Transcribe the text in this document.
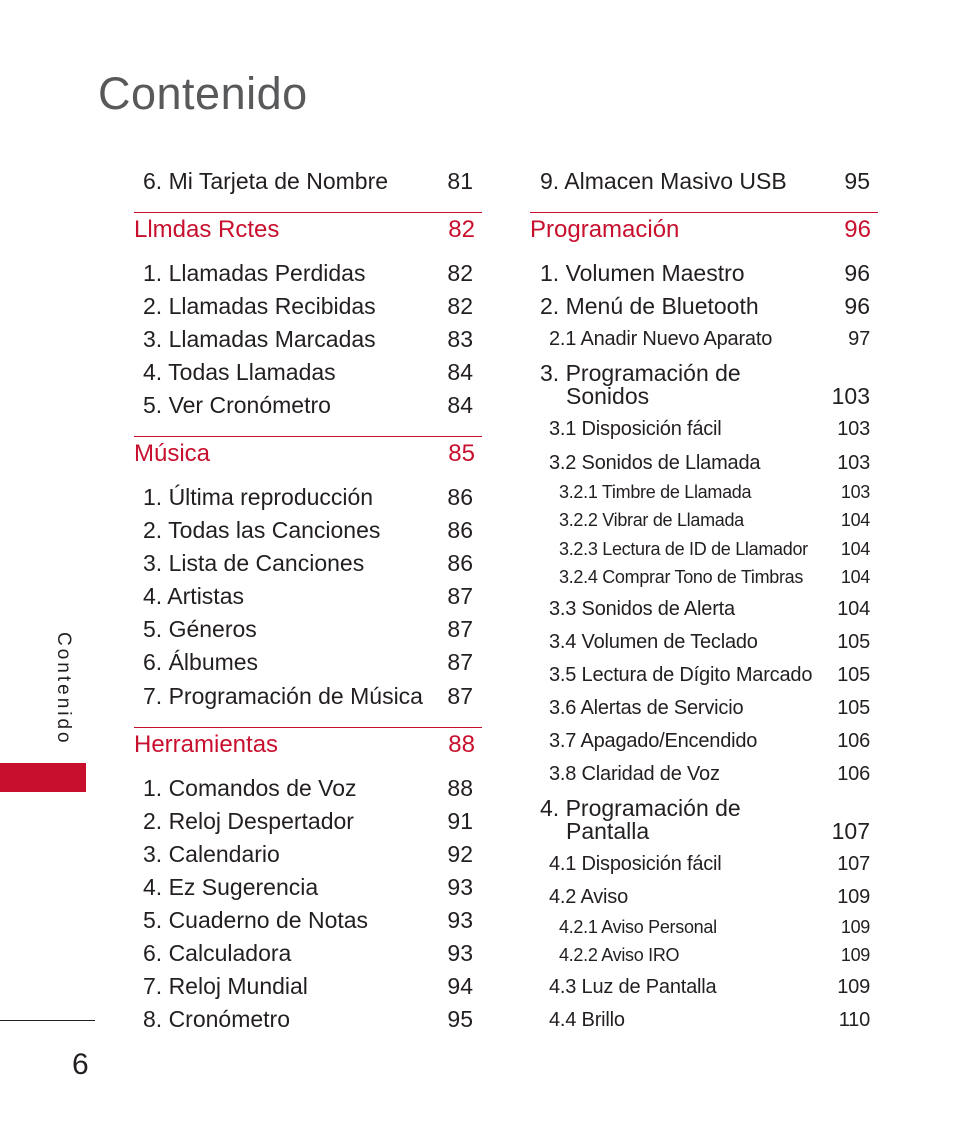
Contenido
6. Mi Tarjeta de Nombre	81
Llmdas Rctes	82
1. Llamadas Perdidas	82
2. Llamadas Recibidas	82
3. Llamadas Marcadas	83
4. Todas Llamadas	84
5. Ver Cronómetro	84
Música	85
1. Última reproducción	86
2. Todas las Canciones	86
3. Lista de Canciones	86
4. Artistas	87
5. Géneros	87
6. Álbumes	87
7. Programación de Música 87
Herramientas	88
1. Comandos de Voz	88
2. Reloj Despertador	91
3. Calendario	92
4. Ez Sugerencia	93
5. Cuaderno de Notas	93
6. Calculadora	93
7. Reloj Mundial	94
8. Cronómetro	95
9. Almacen Masivo USB	95
Programación	96
1. Volumen Maestro	96
2. Menú de Bluetooth	96
2.1 Anadir Nuevo Aparato	97
3. Programación de
Sonidos	103
3.1 Disposición fácil	103
3.2 Sonidos de Llamada	103
3.2.1 Timbre de Llamada	103
3.2.2 Vibrar de Llamada	104
3.2.3 Lectura de ID de Llamador 104
3.2.4 Comprar Tono de Timbras 104
3.3 Sonidos de Alerta	104
3.4 Volumen de Teclado	105
3.5 Lectura de Dígito Marcado 105
3.6 Alertas de Servicio	105
3.7 Apagado/Encendido	106
3.8 Claridad de Voz	106
4. Programación de
Pantalla	107
4.1 Disposición fácil	107
4.2 Aviso	109
4.2.1 Aviso Personal	109
4.2.2 Aviso IRO	109
4.3 Luz de Pantalla	109
4.4 Brillo	110
Contenido
6
